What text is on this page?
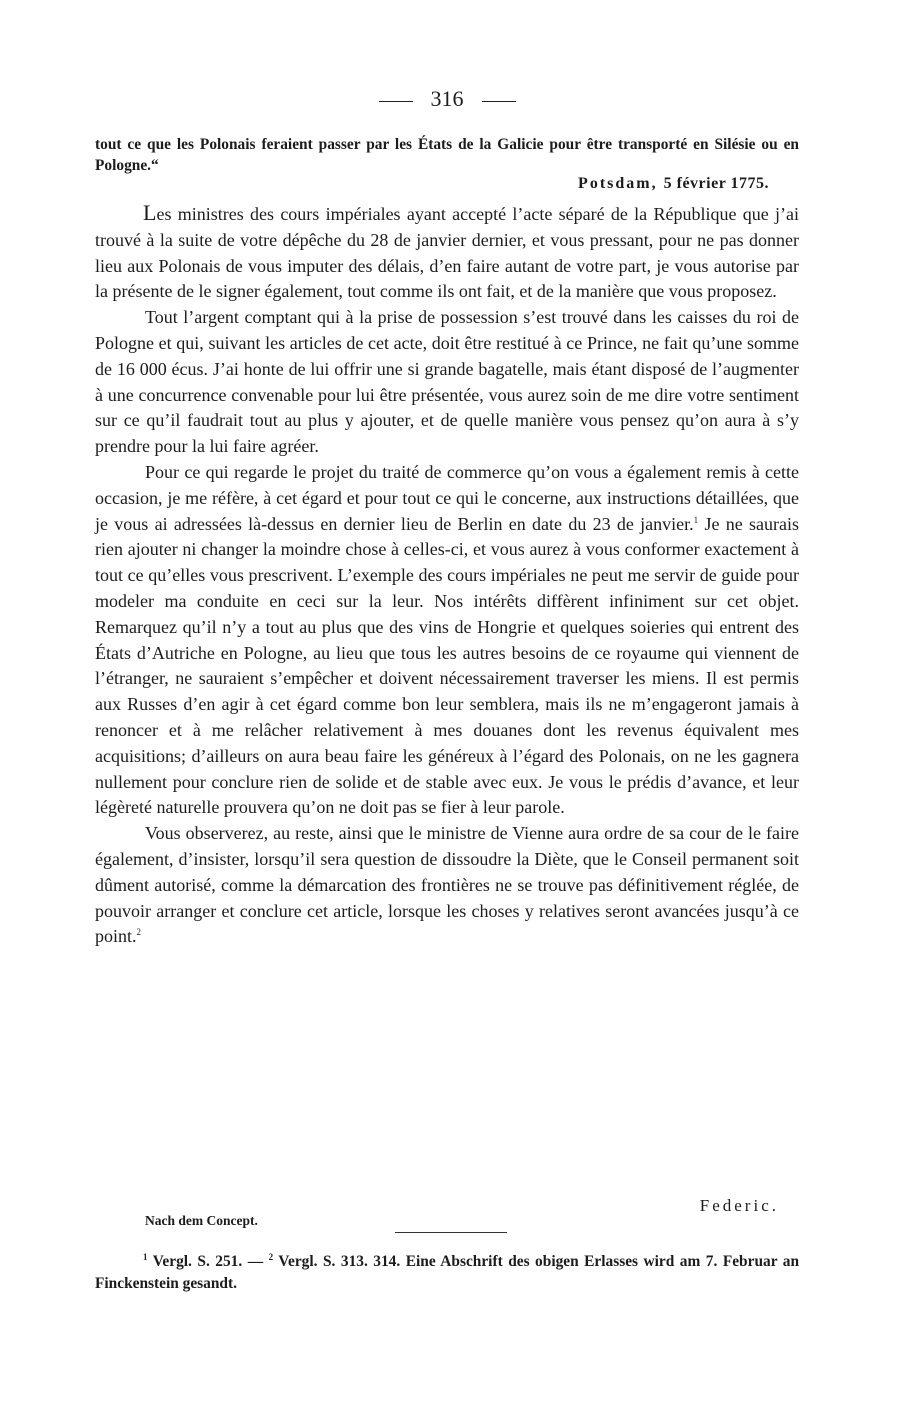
316
tout ce que les Polonais feraient passer par les États de la Galicie pour être transporté en Silésie ou en Pologne.“
Potsdam, 5 février 1775.

Les ministres des cours impériales ayant accepté l’acte séparé de la République que j’ai trouvé à la suite de votre dépêche du 28 de janvier dernier, et vous pressant, pour ne pas donner lieu aux Polonais de vous imputer des délais, d’en faire autant de votre part, je vous autorise par la présente de le signer également, tout comme ils ont fait, et de la manière que vous proposez.

Tout l’argent comptant qui à la prise de possession s’est trouvé dans les caisses du roi de Pologne et qui, suivant les articles de cet acte, doit être restitué à ce Prince, ne fait qu’une somme de 16 000 écus. J’ai honte de lui offrir une si grande bagatelle, mais étant disposé de l’augmenter à une concurrence convenable pour lui être présentée, vous aurez soin de me dire votre sentiment sur ce qu’il faudrait tout au plus y ajouter, et de quelle manière vous pensez qu’on aura à s’y prendre pour la lui faire agréer.

Pour ce qui regarde le projet du traité de commerce qu’on vous a également remis à cette occasion, je me réfère, à cet égard et pour tout ce qui le concerne, aux instructions détaillées, que je vous ai adressées là-dessus en dernier lieu de Berlin en date du 23 de janvier.$^1$ Je ne saurais rien ajouter ni changer la moindre chose à celles-ci, et vous aurez à vous conformer exactement à tout ce qu’elles vous prescrivent. L’exemple des cours impériales ne peut me servir de guide pour modeler ma conduite en ceci sur la leur. Nos intérêts diffèrent infiniment sur cet objet. Remarquez qu’il n’y a tout au plus que des vins de Hongrie et quelques soieries qui entrent des États d’Autriche en Pologne, au lieu que tous les autres besoins de ce royaume qui viennent de l’étranger, ne sauraient s’empêcher et doivent nécessairement traverser les miens. Il est permis aux Russes d’en agir à cet égard comme bon leur semblera, mais ils ne m’engageront jamais à renoncer et à me relâcher relativement à mes douanes dont les revenus équivalent mes acquisitions; d’ailleurs on aura beau faire les généreux à l’égard des Polonais, on ne les gagnera nullement pour conclure rien de solide et de stable avec eux. Je vous le prédis d’avance, et leur légèreté naturelle prouvera qu’on ne doit pas se fier à leur parole.

Vous observerez, au reste, ainsi que le ministre de Vienne aura ordre de sa cour de le faire également, d’insister, lorsqu’il sera question de dissoudre la Diète, que le Conseil permanent soit dûment autorisé, comme la démarcation des frontières ne se trouve pas définitivement réglée, de pouvoir arranger et conclure cet article, lorsque les choses y relatives seront avancées jusqu’à ce point.$^2$

Federic.
Nach dem Concept.
$^1$ Vergl. S. 251. — $^2$ Vergl. S. 313. 314. Eine Abschrift des obigen Erlasses wird am 7. Februar an Finckenstein gesandt.
